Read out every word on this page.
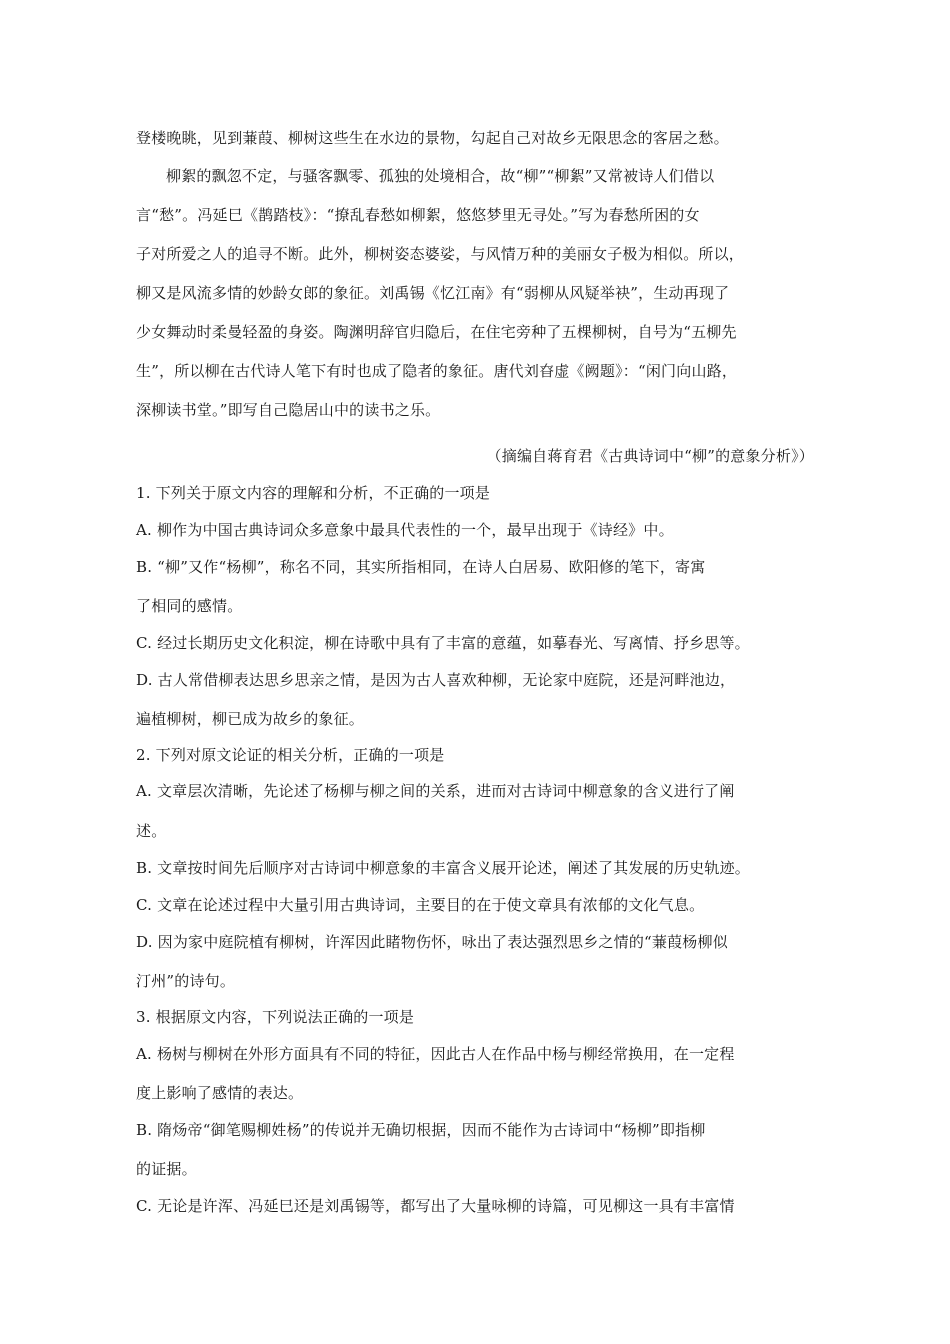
登楼晚眺，见到蒹葭、柳树这些生在水边的景物，勾起自己对故乡无限思念的客居之愁。
柳絮的飘忽不定，与骚客飘零、孤独的处境相合，故“柳”“柳絮”又常被诗人们借以
言“愁”。冯延巳《鹊踏枝》：“撩乱春愁如柳絮，悠悠梦里无寻处。”写为春愁所困的女
子对所爱之人的追寻不断。此外，柳树姿态婆娑，与风情万种的美丽女子极为相似。所以，
柳又是风流多情的妙龄女郎的象征。刘禹锡《忆江南》有“弱柳从风疑举袂”，生动再现了
少女舞动时柔曼轻盈的身姿。陶渊明辞官归隐后，在住宅旁种了五棵柳树，自号为“五柳先
生”，所以柳在古代诗人笔下有时也成了隐者的象征。唐代刘昚虚《阙题》：“闲门向山路，
深柳读书堂。”即写自己隐居山中的读书之乐。
（摘编自蒋育君《古典诗词中“柳”的意象分析》）
1. 下列关于原文内容的理解和分析，不正确的一项是
A. 柳作为中国古典诗词众多意象中最具代表性的一个，最早出现于《诗经》中。
B. “柳”又作“杨柳”，称名不同，其实所指相同，在诗人白居易、欧阳修的笔下，寄寓
了相同的感情。
C. 经过长期历史文化积淀，柳在诗歌中具有了丰富的意蕴，如摹春光、写离情、抒乡思等。
D. 古人常借柳表达思乡思亲之情，是因为古人喜欢种柳，无论家中庭院，还是河畔池边，
遍植柳树，柳已成为故乡的象征。
2. 下列对原文论证的相关分析，正确的一项是
A. 文章层次清晰，先论述了杨柳与柳之间的关系，进而对古诗词中柳意象的含义进行了阐
述。
B. 文章按时间先后顺序对古诗词中柳意象的丰富含义展开论述，阐述了其发展的历史轨迹。
C. 文章在论述过程中大量引用古典诗词，主要目的在于使文章具有浓郁的文化气息。
D. 因为家中庭院植有柳树，许浑因此睹物伤怀，咏出了表达强烈思乡之情的“蒹葭杨柳似
汀州”的诗句。
3. 根据原文内容，下列说法正确的一项是
A. 杨树与柳树在外形方面具有不同的特征，因此古人在作品中杨与柳经常换用，在一定程
度上影响了感情的表达。
B. 隋炀帝“御笔赐柳姓杨”的传说并无确切根据，因而不能作为古诗词中“杨柳”即指柳
的证据。
C. 无论是许浑、冯延巳还是刘禹锡等，都写出了大量咏柳的诗篇，可见柳这一具有丰富情
